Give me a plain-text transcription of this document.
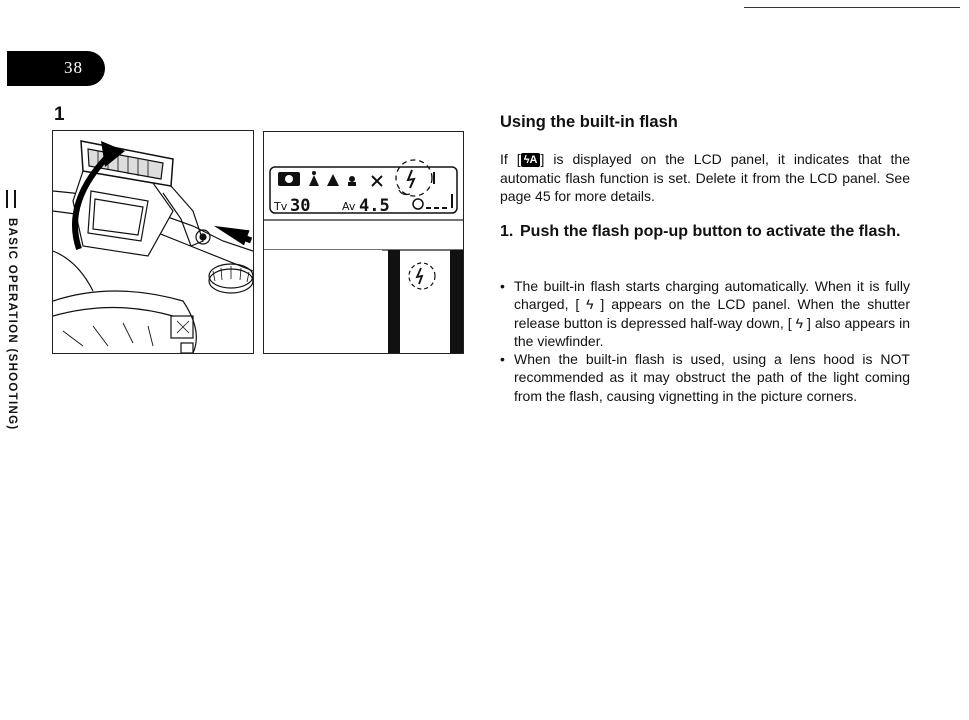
38
BASIC OPERATION (SHOOTING)
1
Tv 30	Av 4.5
Using the built-in flash

If [ ϟA ] is displayed on the LCD panel, it indicates that the automatic flash function is set. Delete it from the LCD panel. See page 45 for more details.

1. Push the flash pop-up button to activate the flash.
• The built-in flash starts charging automatically. When it is fully charged, [ ϟ ] appears on the LCD panel. When the shutter release button is depressed half-way down, [ ϟ ] also appears in the viewfinder.
• When the built-in flash is used, using a lens hood is NOT recommended as it may obstruct the path of the light coming from the flash, causing vignetting in the picture corners.
